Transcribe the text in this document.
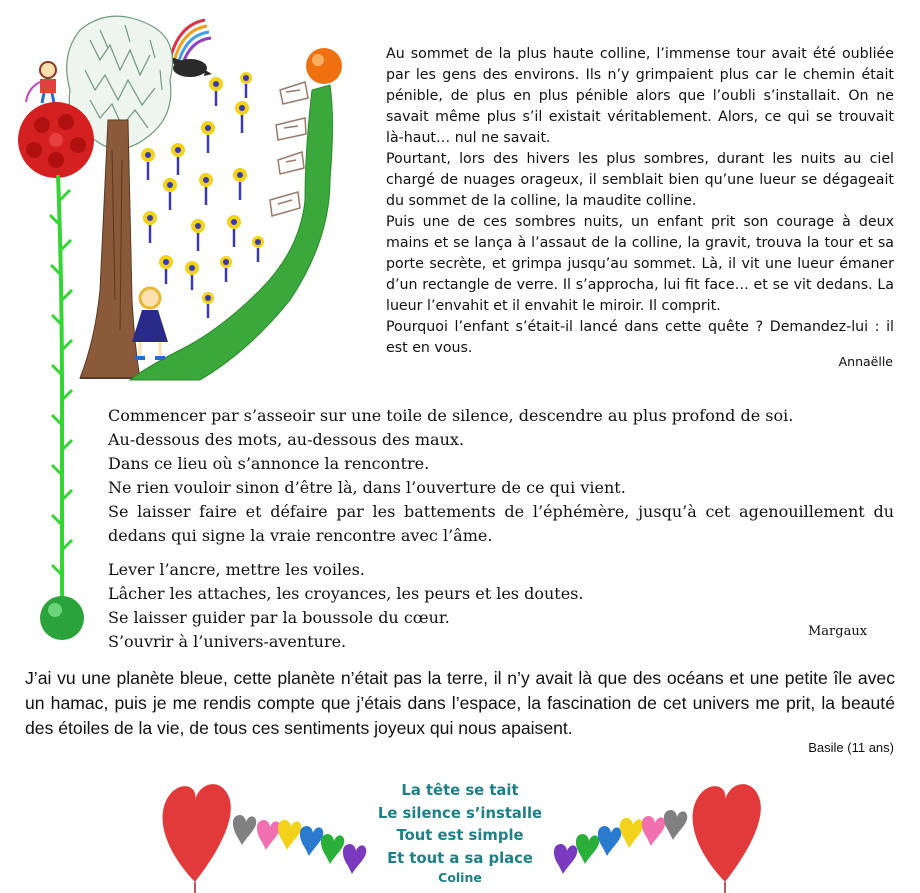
Au sommet de la plus haute colline, l’immense tour avait été oubliée par les gens des environs. Ils n’y grimpaient plus car le chemin était pénible, de plus en plus pénible alors que l’oubli s’installait. On ne savait même plus s’il existait véritablement. Alors, ce qui se trouvait là-haut… nul ne savait.

Pourtant, lors des hivers les plus sombres, durant les nuits au ciel chargé de nuages orageux, il semblait bien qu’une lueur se dégageait du sommet de la colline, la maudite colline.

Puis une de ces sombres nuits, un enfant prit son courage à deux mains et se lança à l’assaut de la colline, la gravit, trouva la tour et sa porte secrète, et grimpa jusqu’au sommet. Là, il vit une lueur émaner d’un rectangle de verre. Il s’approcha, lui fit face… et se vit dedans. La lueur l’envahit et il envahit le miroir. Il comprit.

Pourquoi l’enfant s’était-il lancé dans cette quête ? Demandez-lui : il est en vous.

Annaëlle

Commencer par s’asseoir sur une toile de silence, descendre au plus profond de soi.

Au-dessous des mots, au-dessous des maux.

Dans ce lieu où s’annonce la rencontre.

Ne rien vouloir sinon d’être là, dans l’ouverture de ce qui vient.

Se laisser faire et défaire par les battements de l’éphémère, jusqu’à cet agenouillement du dedans qui signe la vraie rencontre avec l’âme.

Lever l’ancre, mettre les voiles.

Lâcher les attaches, les croyances, les peurs et les doutes.

Se laisser guider par la boussole du cœur.

S’ouvrir à l’univers-aventure.

Margaux
J’ai vu une planète bleue, cette planète n’était pas la terre, il n’y avait là que des océans et une petite île avec un hamac, puis je me rendis compte que j’étais dans l’espace, la fascination de cet univers me prit, la beauté des étoiles de la vie, de tous ces sentiments joyeux qui nous apaisent.
Basile (11 ans)
La tête se tait
Le silence s’installe
Tout est simple
Et tout a sa place
Coline
